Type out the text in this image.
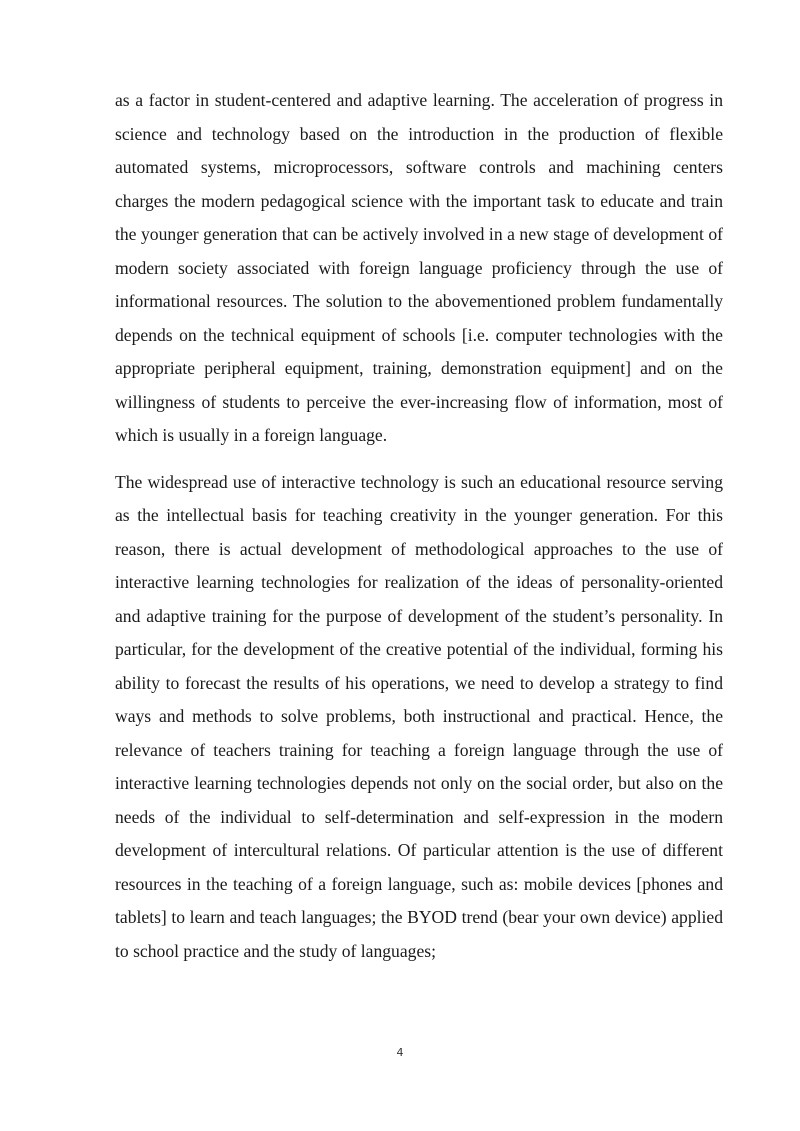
as a factor in student-centered and adaptive learning. The acceleration of progress in science and technology based on the introduction in the production of flexible automated systems, microprocessors, software controls and machining centers charges the modern pedagogical science with the important task to educate and train the younger generation that can be actively involved in a new stage of development of modern society associated with foreign language proficiency through the use of informational resources. The solution to the abovementioned problem fundamentally depends on the technical equipment of schools [i.e. computer technologies with the appropriate peripheral equipment, training, demonstration equipment] and on the willingness of students to perceive the ever-increasing flow of information, most of which is usually in a foreign language.

The widespread use of interactive technology is such an educational resource serving as the intellectual basis for teaching creativity in the younger generation. For this reason, there is actual development of methodological approaches to the use of interactive learning technologies for realization of the ideas of personality-oriented and adaptive training for the purpose of development of the student’s personality. In particular, for the development of the creative potential of the individual, forming his ability to forecast the results of his operations, we need to develop a strategy to find ways and methods to solve problems, both instructional and practical. Hence, the relevance of teachers training for teaching a foreign language through the use of interactive learning technologies depends not only on the social order, but also on the needs of the individual to self-determination and self-expression in the modern development of intercultural relations. Of particular attention is the use of different resources in the teaching of a foreign language, such as: mobile devices [phones and tablets] to learn and teach languages; the BYOD trend (bear your own device) applied to school practice and the study of languages;

4
